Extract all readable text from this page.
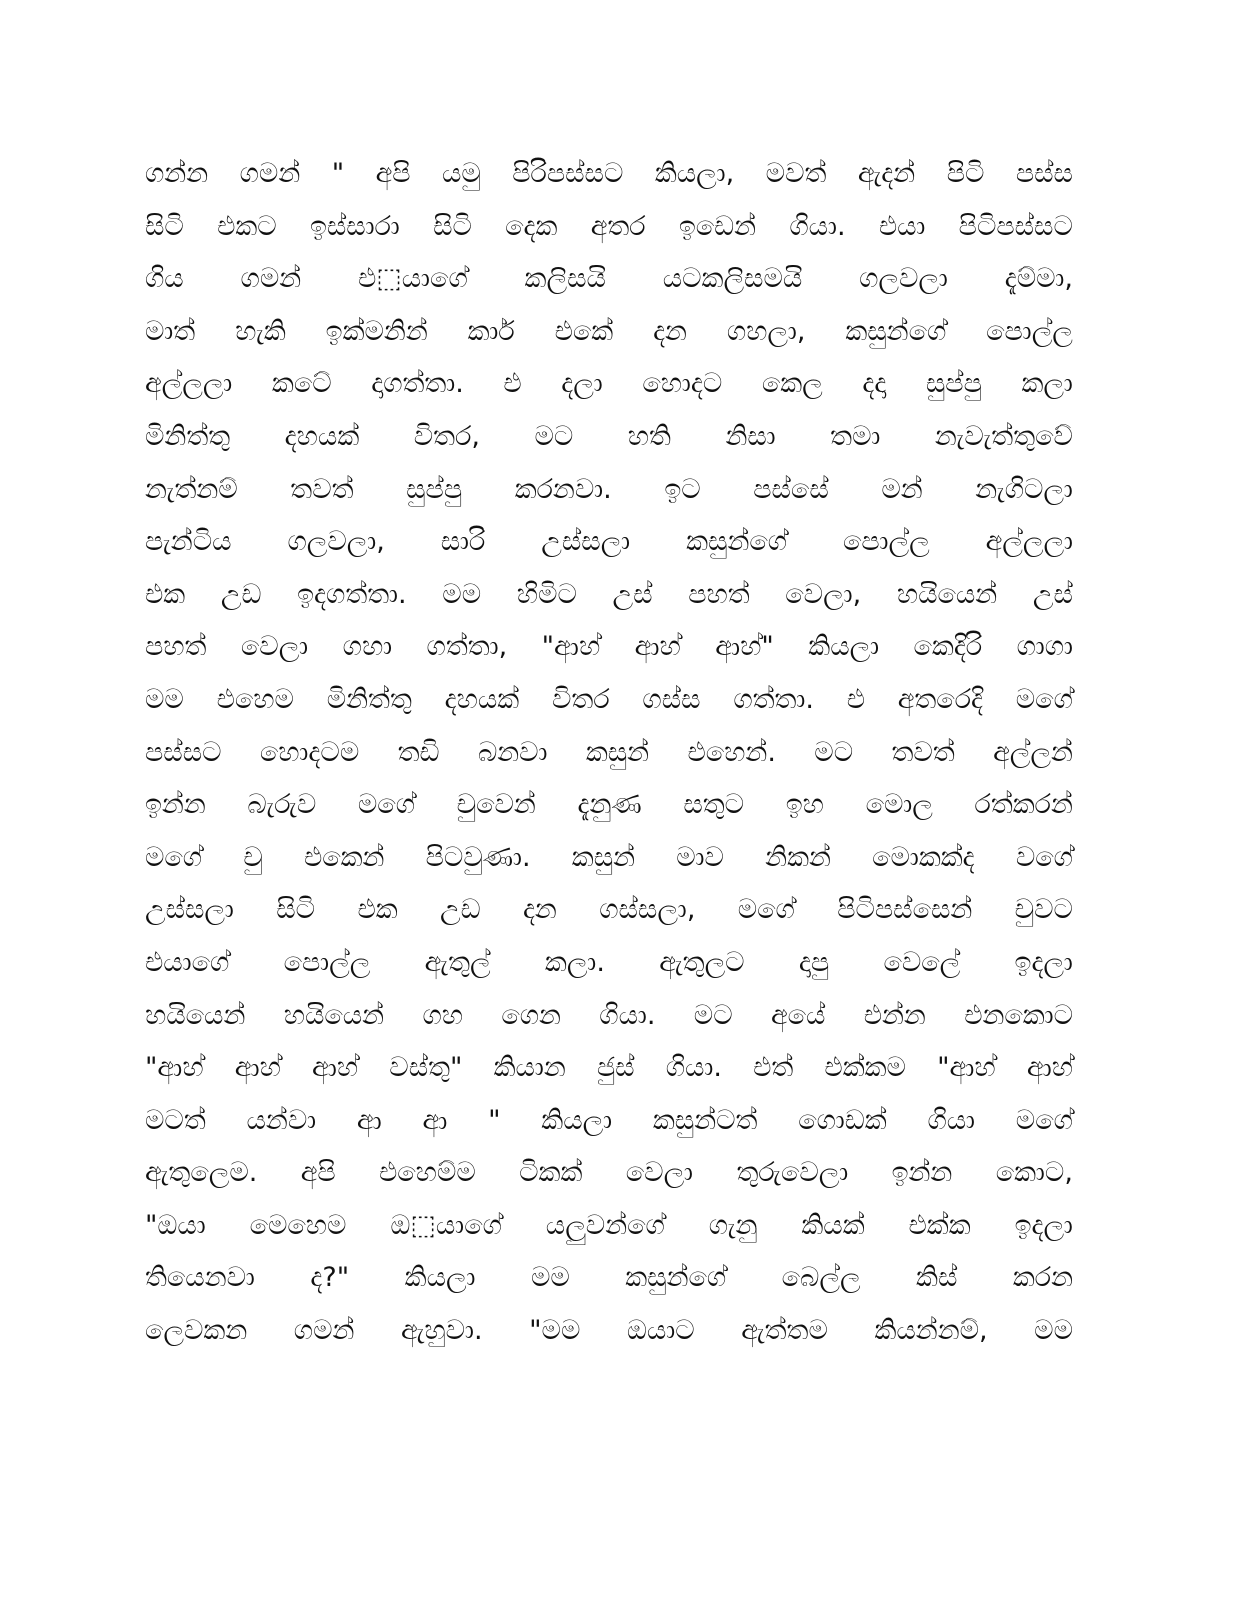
ගන්න ගමන් " අපි යමු පිරිපස්සට කියලා, මවත් ඇදන් පිටි පස්ස
සිටි එකට ඉස්සාරා සිටි දෙක අතර ඉඩෙන් ගියා. එයා පිටිපස්සට
ගිය ගමන් එ⬚යාගේ කලිසයි යටකලිසමයි ගලවලා දැම්මා,
මාත් හැකි ඉක්මනින් කාර් එකේ දන ගහලා, කසුන්ගේ පොල්ල
අල්ලලා කටේ දාගත්තා. එ දලා හොදට කෙල දදා සුප්පු කලා
මිනිත්තු දහයක් විතර, මට හති නිසා තමා නැවැත්තුවේ
නැත්නම් තවත් සුප්පු කරනවා. ඉට පස්සේ මන් නැගිටලා
පැන්ටිය ගලවලා, සාරි උස්සලා කසුන්ගේ පොල්ල අල්ලලා
එක උඩ ඉදගත්තා. මම හිමිට උස් පහත් වෙලා, හයියෙන් උස්
පහත් වෙලා ගහා ගත්තා, "ආහ් ආහ් ආහ්" කියලා කෙදිරි ගාගා
මම එහෙම මිනිත්තු දහයක් විතර ගස්ස ගත්තා. එ අතරෙදි මගේ
පස්සට හොදටම තඩි බනවා කසුන් එහෙන්. මට තවත් අල්ලන්
ඉන්න බැරුව මගේ චුවෙන් දැනුණ සතුට ඉහ මොල රත්කරන්
මගේ චු එකෙන් පිටවුණා. කසුන් මාව නිකන් මොකක්ද වගේ
උස්සලා සිටි එක උඩ දන ගස්සලා, මගේ පිටිපස්සෙන් චුවට
එයාගේ පොල්ල ඇතුල් කලා. ඇතුලට දාපු වෙලේ ඉදලා
හයියෙන් හයියෙන් ගහ ගෙන ගියා. මට අයේ එන්න එනකොට
"ආහ් ආහ් ආහ් වස්තු" කියාන ජුස් ගියා. එත් එක්කම "ආහ් ආහ්
මටත් යන්වා ආ ආ " කියලා කසුන්ටත් ගොඩක් ගියා මගේ
ඇතුලෙම. අපි එහෙම්ම ටිකක් වෙලා තුරුවෙලා ඉන්න කොට,
"ඔයා මෙහෙම ඔ⬚යාගේ යලුවන්ගේ ගැනු කියක් එක්ක ඉදලා
තියෙනවා ද?" කියලා මම කසුන්ගේ බෙල්ල කිස් කරන
ලෙවකන ගමන් ඇහුවා. "මම ඔයාට ඇත්තම කියන්නම්, මම
